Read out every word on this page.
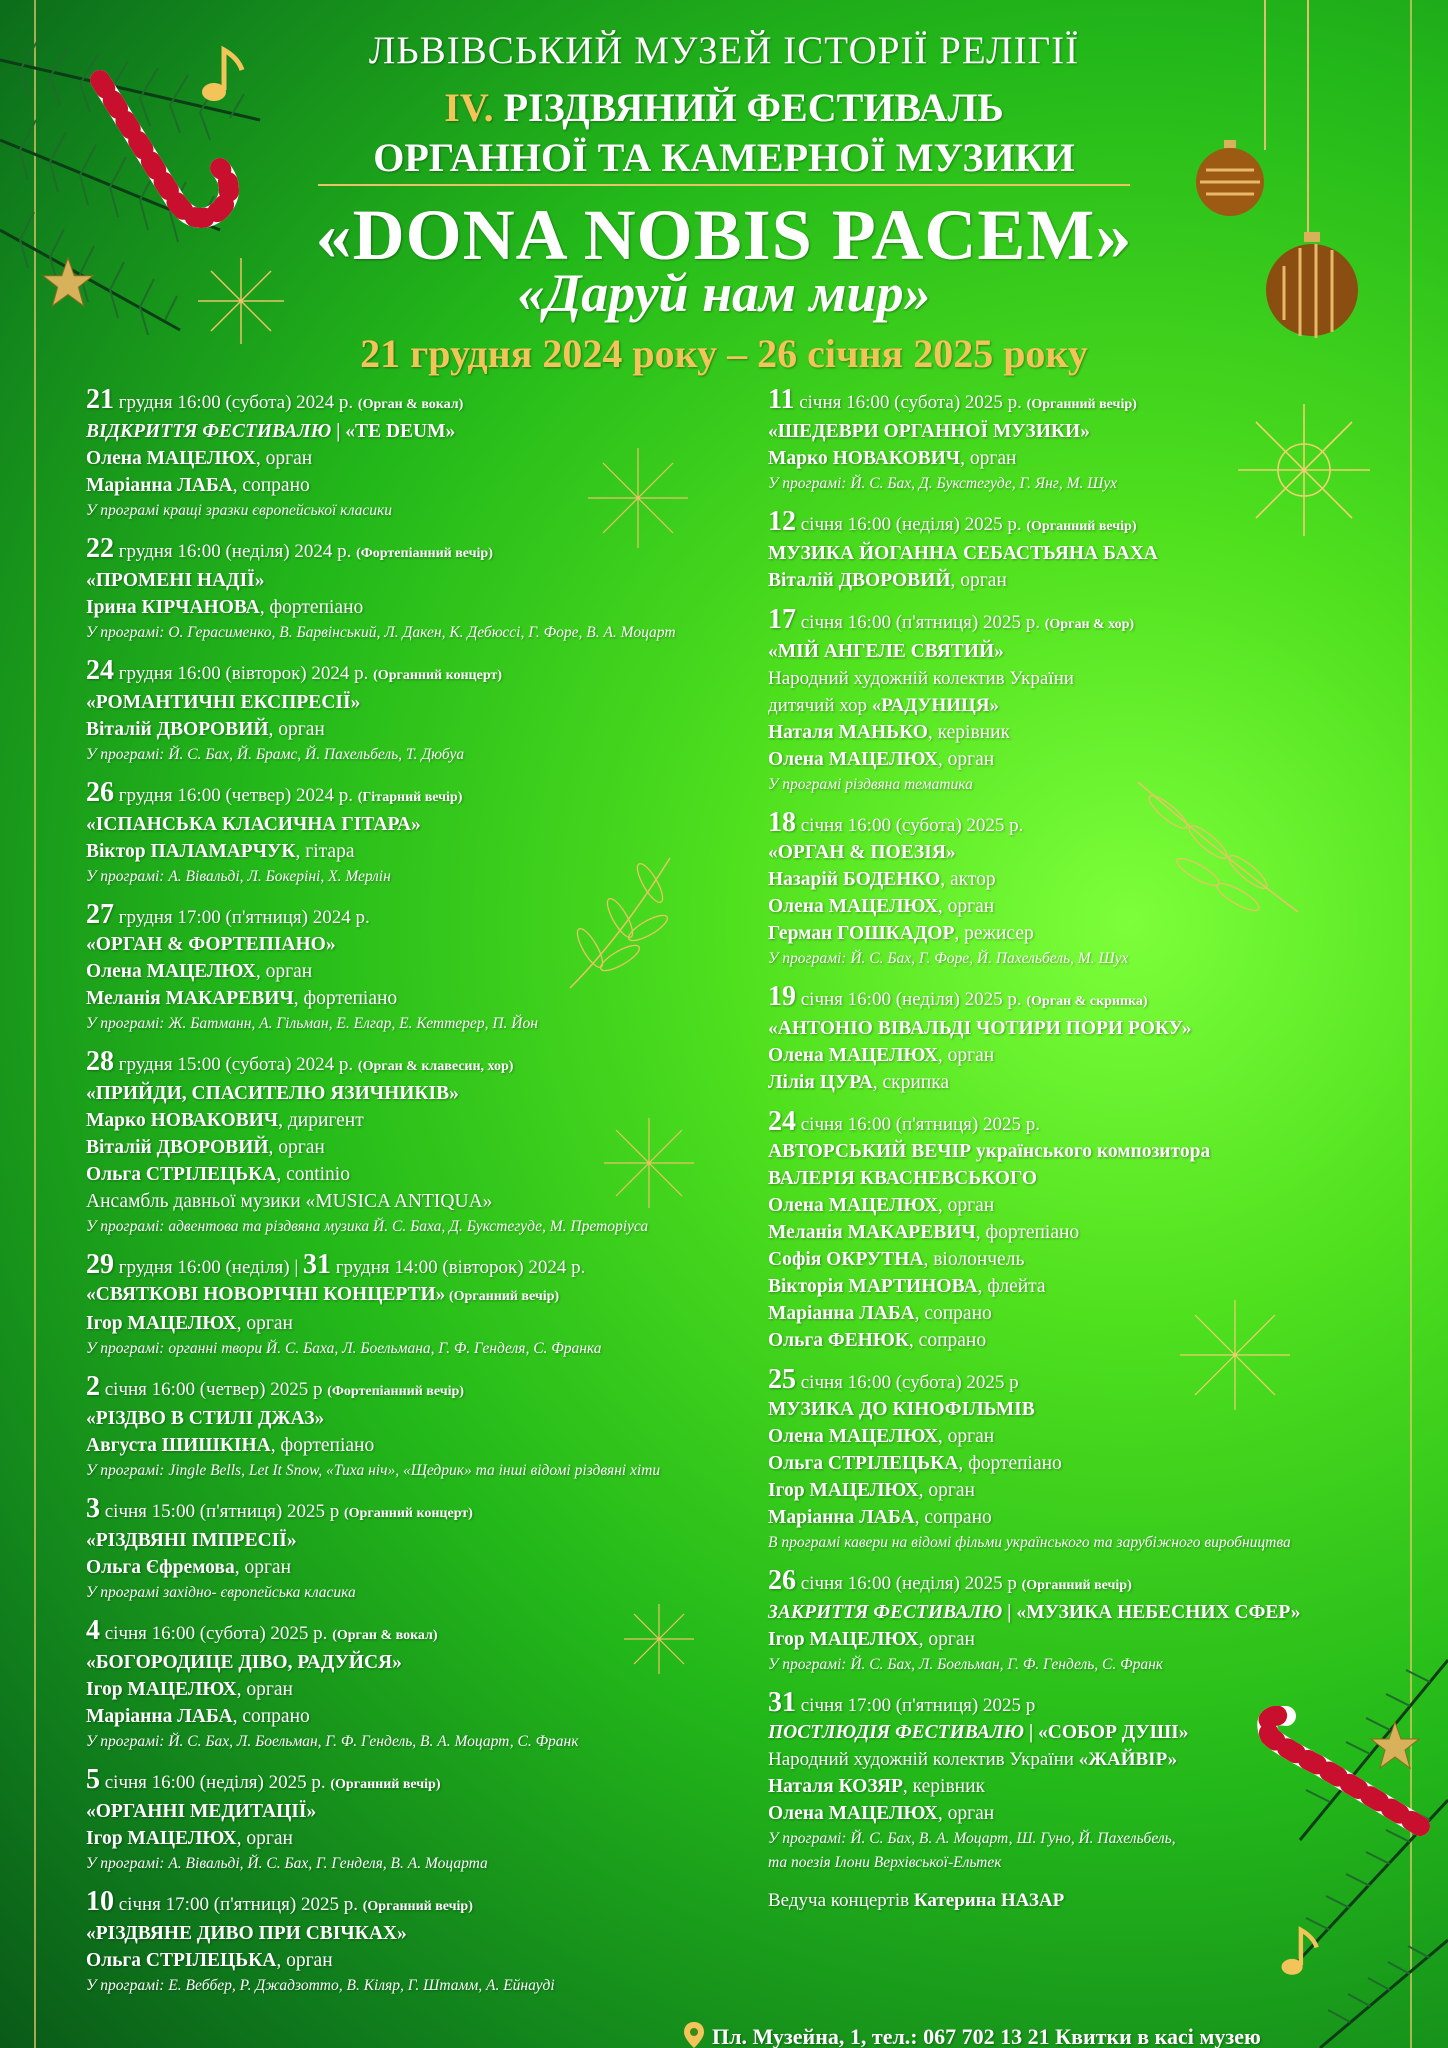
ЛЬВІВСЬКИЙ МУЗЕЙ ІСТОРІЇ РЕЛІГІЇ
IV. РІЗДВЯНИЙ ФЕСТИВАЛЬ
ОРГАННОЇ ТА КАМЕРНОЇ МУЗИКИ
«DONA NOBIS PACEM»
«Даруй нам мир»
21 грудня 2024 року – 26 січня 2025 року
21 грудня 16:00 (субота) 2024 р. (Орган & вокал)
ВІДКРИТТЯ ФЕСТИВАЛЮ | «TE DEUM»
Олена МАЦЕЛЮХ, орган
Маріанна ЛАБА, сопрано
У програмі кращі зразки європейської класики
22 грудня 16:00 (неділя) 2024 р. (Фортепіанний вечір)
«ПРОМЕНІ НАДІЇ»
Ірина КІРЧАНОВА, фортепіано
У програмі: О. Герасименко, В. Барвінський, Л. Дакен, К. Дебюссі, Г. Форе, В. А. Моцарт
24 грудня 16:00 (вівторок) 2024 р. (Органний концерт)
«РОМАНТИЧНІ ЕКСПРЕСІЇ»
Віталій ДВОРОВИЙ, орган
У програмі: Й. С. Бах, Й. Брамс, Й. Пахельбель, Т. Дюбуа
26 грудня 16:00 (четвер) 2024 р. (Гітарний вечір)
«ІСПАНСЬКА КЛАСИЧНА ГІТАРА»
Віктор ПАЛАМАРЧУК, гітара
У програмі: А. Вівальді, Л. Бокеріні, Х. Мерлін
27 грудня 17:00 (п'ятниця) 2024 р.
«ОРГАН & ФОРТЕПІАНО»
Олена МАЦЕЛЮХ, орган
Меланія МАКАРЕВИЧ, фортепіано
У програмі: Ж. Батманн, А. Гільман, Е. Елгар, Е. Кеттерер, П. Йон
28 грудня 15:00 (субота) 2024 р. (Орган & клавесин, хор)
«ПРИЙДИ, СПАСИТЕЛЮ ЯЗИЧНИКІВ»
Марко НОВАКОВИЧ, диригент
Віталій ДВОРОВИЙ, орган
Ольга СТРІЛЕЦЬКА, continio
Ансамбль давньої музики «MUSICA ANTIQUA»
У програмі: адвентова та різдвяна музика Й. С. Баха, Д. Букстегуде, М. Преторіуса
29 грудня 16:00 (неділя) | 31 грудня 14:00 (вівторок) 2024 р.
«СВЯТКОВІ НОВОРІЧНІ КОНЦЕРТИ» (Органний вечір)
Ігор МАЦЕЛЮХ, орган
У програмі: органні твори Й. С. Баха, Л. Боельмана, Г. Ф. Генделя, С. Франка
2 січня 16:00 (четвер) 2025 р (Фортепіанний вечір)
«РІЗДВО В СТИЛІ ДЖАЗ»
Августа ШИШКІНА, фортепіано
У програмі: Jingle Bells, Let It Snow, «Тиха ніч», «Щедрик» та інші відомі різдвяні хіти
3 січня 15:00 (п'ятниця) 2025 р (Органний концерт)
«РІЗДВЯНІ ІМПРЕСІЇ»
Ольга Єфремова, орган
У програмі західно- європейська класика
4 січня 16:00 (субота) 2025 р. (Орган & вокал)
«БОГОРОДИЦЕ ДІВО, РАДУЙСЯ»
Ігор МАЦЕЛЮХ, орган
Маріанна ЛАБА, сопрано
У програмі: Й. С. Бах, Л. Боельман, Г. Ф. Гендель, В. А. Моцарт, С. Франк
5 січня 16:00 (неділя) 2025 р. (Органний вечір)
«ОРГАННІ МЕДИТАЦІЇ»
Ігор МАЦЕЛЮХ, орган
У програмі: А. Вівальді, Й. С. Бах, Г. Генделя, В. А. Моцарта
10 січня 17:00 (п'ятниця) 2025 р. (Органний вечір)
«РІЗДВЯНЕ ДИВО ПРИ СВІЧКАХ»
Ольга СТРІЛЕЦЬКА, орган
У програмі: Е. Веббер, Р. Джадзотто, В. Кіляр, Г. Штамм, А. Ейнауді
11 січня 16:00 (субота) 2025 р. (Органний вечір)
«ШЕДЕВРИ ОРГАННОЇ МУЗИКИ»
Марко НОВАКОВИЧ, орган
У програмі: Й. С. Бах, Д. Букстегуде, Г. Янг, М. Шух
12 січня 16:00 (неділя) 2025 р. (Органний вечір)
МУЗИКА ЙОГАННА СЕБАСТЬЯНА БАХА
Віталій ДВОРОВИЙ, орган
17 січня 16:00 (п'ятниця) 2025 р. (Орган & хор)
«МІЙ АНГЕЛЕ СВЯТИЙ»
Народний художній колектив України
дитячий хор «РАДУНИЦЯ»
Наталя МАНЬКО, керівник
Олена МАЦЕЛЮХ, орган
У програмі різдвяна тематика
18 січня 16:00 (субота) 2025 р.
«ОРГАН & ПОЕЗІЯ»
Назарій БОДЕНКО, актор
Олена МАЦЕЛЮХ, орган
Герман ГОШКАДОР, режисер
У програмі: Й. С. Бах, Г. Форе, Й. Пахельбель, М. Шух
19 січня 16:00 (неділя) 2025 р. (Орган & скрипка)
«АНТОНІО ВІВАЛЬДІ ЧОТИРИ ПОРИ РОКУ»
Олена МАЦЕЛЮХ, орган
Лілія ЦУРА, скрипка
24 січня 16:00 (п'ятниця) 2025 р.
АВТОРСЬКИЙ ВЕЧІР українського композитора
ВАЛЕРІЯ КВАСНЕВСЬКОГО
Олена МАЦЕЛЮХ, орган
Меланія МАКАРЕВИЧ, фортепіано
Софія ОКРУТНА, віолончель
Вікторія МАРТИНОВА, флейта
Маріанна ЛАБА, сопрано
Ольга ФЕНЮК, сопрано
25 січня 16:00 (субота) 2025 р
МУЗИКА ДО КІНОФІЛЬМІВ
Олена МАЦЕЛЮХ, орган
Ольга СТРІЛЕЦЬКА, фортепіано
Ігор МАЦЕЛЮХ, орган
Маріанна ЛАБА, сопрано
В програмі кавери на відомі фільми українського та зарубіжного виробництва
26 січня 16:00 (неділя) 2025 р (Органний вечір)
ЗАКРИТТЯ ФЕСТИВАЛЮ | «МУЗИКА НЕБЕСНИХ СФЕР»
Ігор МАЦЕЛЮХ, орган
У програмі: Й. С. Бах, Л. Боельман, Г. Ф. Гендель, С. Франк
31 січня 17:00 (п'ятниця) 2025 р
ПОСТЛЮДІЯ ФЕСТИВАЛЮ | «СОБОР ДУШІ»
Народний художній колектив України «ЖАЙВІР»
Наталя КОЗЯР, керівник
Олена МАЦЕЛЮХ, орган
У програмі: Й. С. Бах, В. А. Моцарт, Ш. Гуно, Й. Пахельбель,
та поезія Ілони Верхівської-Ельтек
Ведуча концертів Катерина НАЗАР
Пл. Музейна, 1, тел.: 067 702 13 21 Квитки в касі музею
